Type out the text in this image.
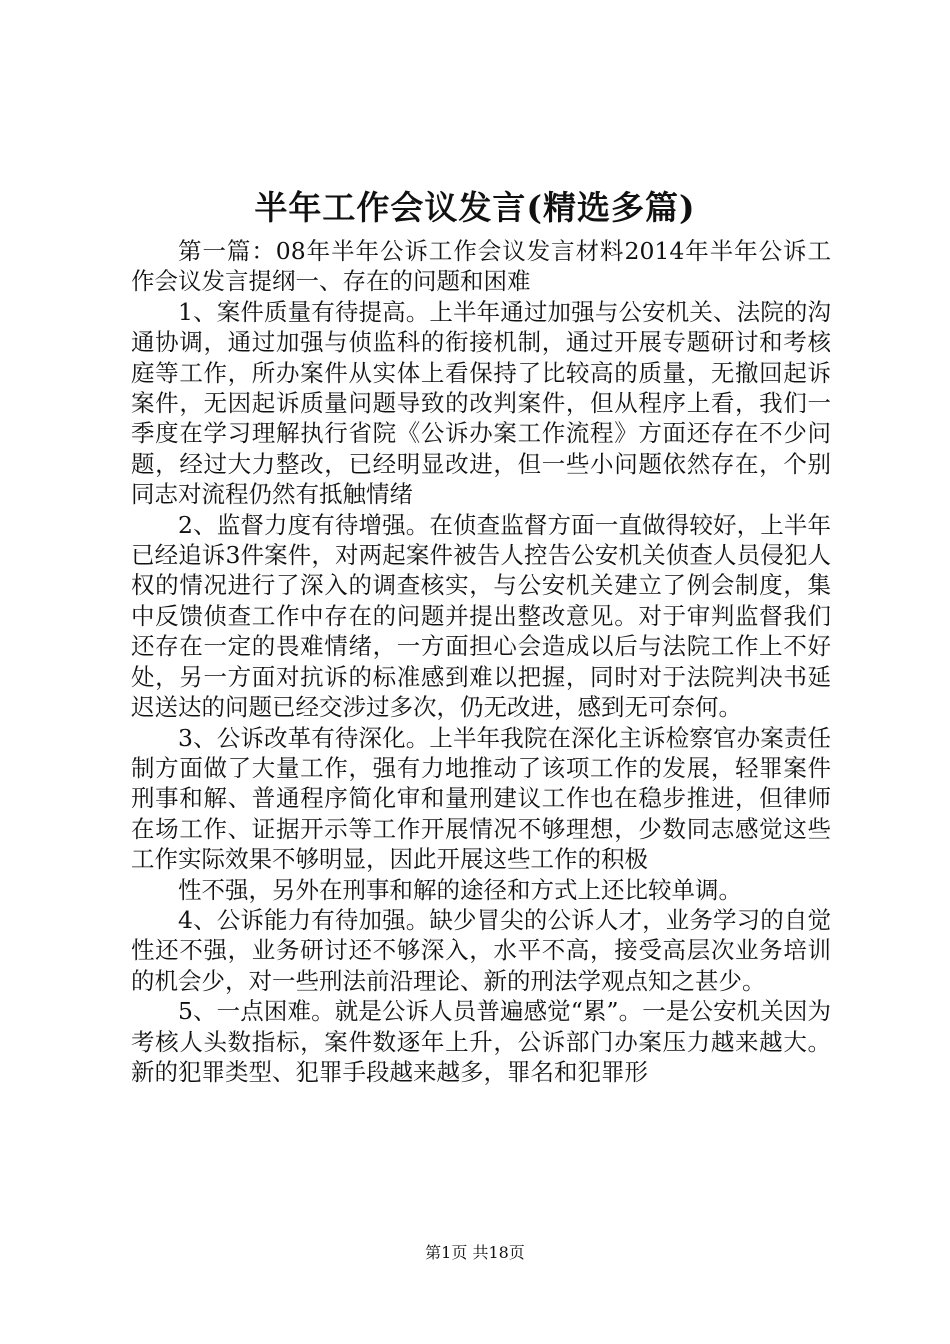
半年工作会议发言(精选多篇)

第一篇：08年半年公诉工作会议发言材料2014年半年公诉工作会议发言提纲一、存在的问题和困难

1、案件质量有待提高。上半年通过加强与公安机关、法院的沟通协调，通过加强与侦监科的衔接机制，通过开展专题研讨和考核庭等工作，所办案件从实体上看保持了比较高的质量，无撤回起诉案件，无因起诉质量问题导致的改判案件，但从程序上看，我们一季度在学习理解执行省院《公诉办案工作流程》方面还存在不少问题，经过大力整改，已经明显改进，但一些小问题依然存在，个别同志对流程仍然有抵触情绪

2、监督力度有待增强。在侦查监督方面一直做得较好，上半年已经追诉3件案件，对两起案件被告人控告公安机关侦查人员侵犯人权的情况进行了深入的调查核实，与公安机关建立了例会制度，集中反馈侦查工作中存在的问题并提出整改意见。对于审判监督我们还存在一定的畏难情绪，一方面担心会造成以后与法院工作上不好处，另一方面对抗诉的标准感到难以把握，同时对于法院判决书延迟送达的问题已经交涉过多次，仍无改进，感到无可奈何。

3、公诉改革有待深化。上半年我院在深化主诉检察官办案责任制方面做了大量工作，强有力地推动了该项工作的发展，轻罪案件刑事和解、普通程序简化审和量刑建议工作也在稳步推进，但律师在场工作、证据开示等工作开展情况不够理想，少数同志感觉这些工作实际效果不够明显，因此开展这些工作的积极

性不强，另外在刑事和解的途径和方式上还比较单调。

4、公诉能力有待加强。缺少冒尖的公诉人才，业务学习的自觉性还不强，业务研讨还不够深入，水平不高，接受高层次业务培训的机会少，对一些刑法前沿理论、新的刑法学观点知之甚少。

5、一点困难。就是公诉人员普遍感觉“累”。一是公安机关因为考核人头数指标，案件数逐年上升，公诉部门办案压力越来越大。新的犯罪类型、犯罪手段越来越多，罪名和犯罪形

第1页 共18页
